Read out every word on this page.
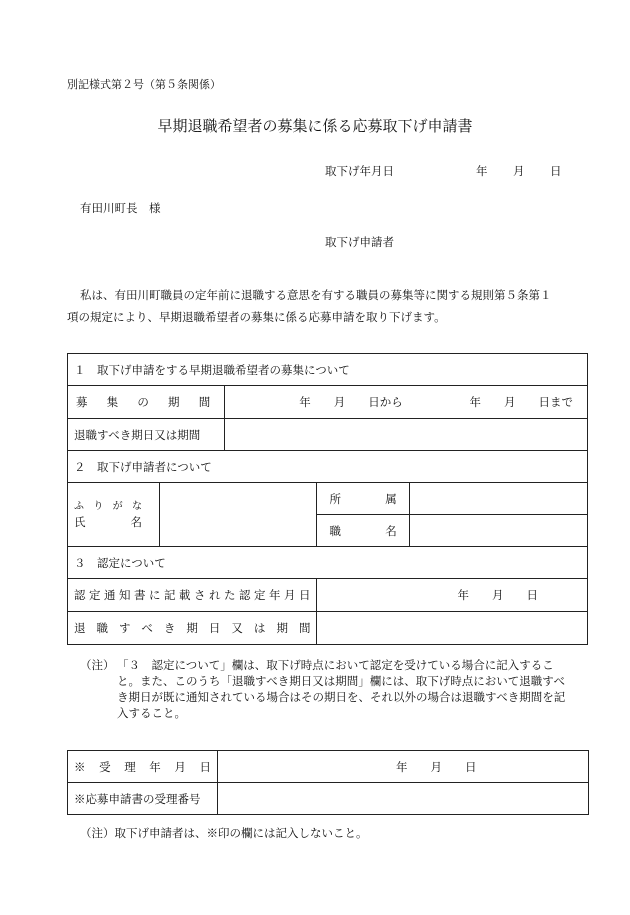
別記様式第２号（第５条関係）
早期退職希望者の募集に係る応募取下げ申請書
取下げ年月日	年 月 日
有田川町長　様
取下げ申請者
私は、有田川町職員の定年前に退職する意思を有する職員の募集等に関する規則第５条第１
項の規定により、早期退職希望者の募集に係る応募申請を取り下げます。
１　取下げ申請をする早期退職希望者の募集について				

募集の期間		年　　月　　日から 年　　月　　日まで		

退職すべき期日又は期間				
２　取下げ申請者について				

ふりがな
氏名			所属	

			職名	

３　認定について				

認定通知書に記載された認定年月日			年　　月　　日	

退職すべき期日又は期間				

（注） 「３　認定について」欄は、取下げ時点において認定を受けている場合に記入するこ
と。また、このうち「退職すべき期日又は期間」欄には、取下げ時点において退職すべ
き期日が既に通知されている場合はその期日を、それ以外の場合は退職すべき期間を記
入すること。
※受理年月日	年　　月　　日
※応募申請書の受理番号	
（注）取下げ申請者は、※印の欄には記入しないこと。
